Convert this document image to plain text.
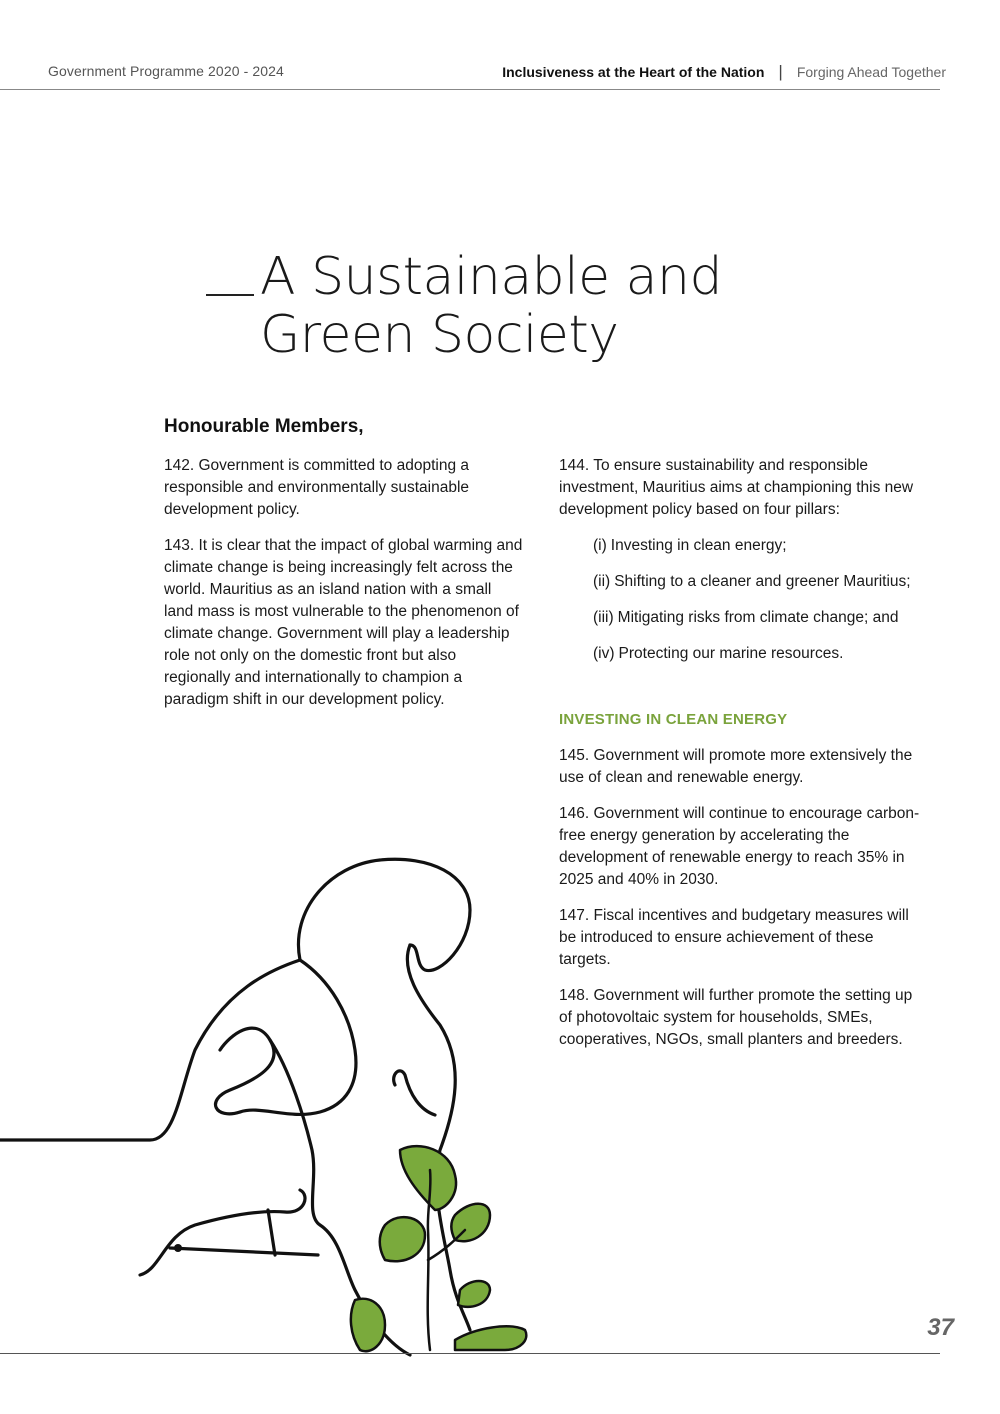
Government Programme 2020 - 2024	Inclusiveness at the Heart of the Nation | Forging Ahead Together
A Sustainable and
Green Society
Honourable Members,

142. Government is committed to adopting a responsible and environmentally sustainable development policy.

143. It is clear that the impact of global warming and climate change is being increasingly felt across the world. Mauritius as an island nation with a small land mass is most vulnerable to the phenomenon of climate change. Government will play a leadership role not only on the domestic front but also regionally and internationally to champion a paradigm shift in our development policy.

144. To ensure sustainability and responsible investment, Mauritius aims at championing this new development policy based on four pillars:

(i) Investing in clean energy;
(ii) Shifting to a cleaner and greener Mauritius;
(iii) Mitigating risks from climate change; and
(iv) Protecting our marine resources.
INVESTING IN CLEAN ENERGY

145. Government will promote more extensively the use of clean and renewable energy.

146. Government will continue to encourage carbon-free energy generation by accelerating the development of renewable energy to reach 35% in 2025 and 40% in 2030.

147. Fiscal incentives and budgetary measures will be introduced to ensure achievement of these targets.

148. Government will further promote the setting up of photovoltaic system for households, SMEs, cooperatives, NGOs, small planters and breeders.

37
